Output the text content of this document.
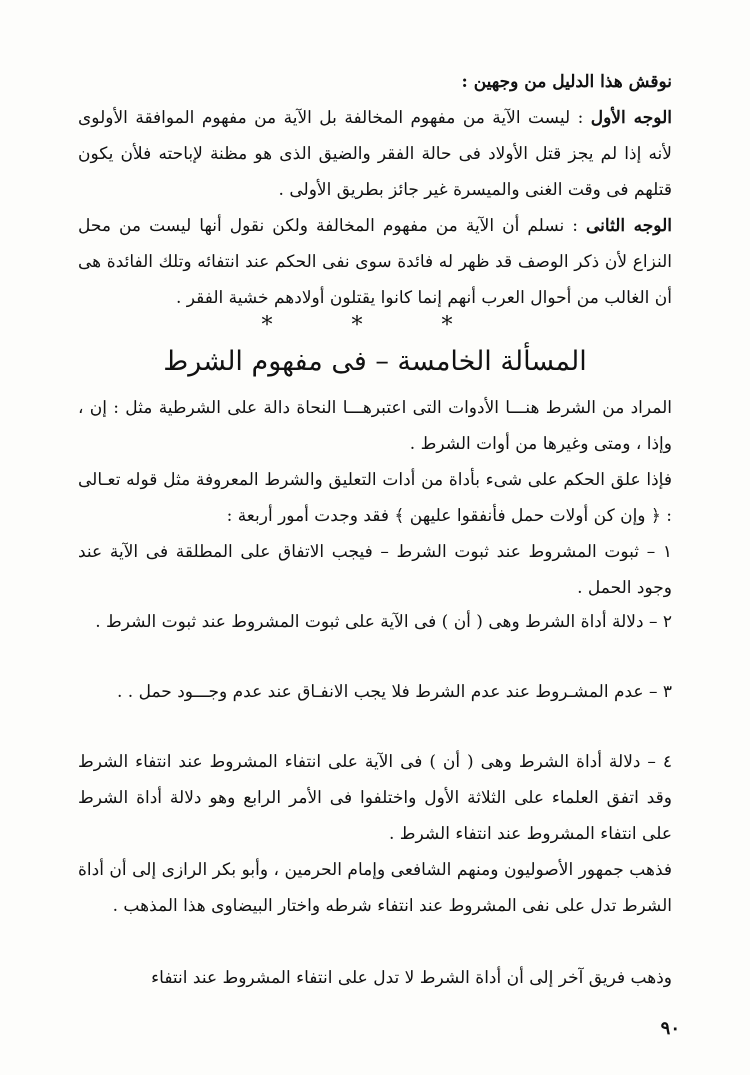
نوقش هذا الدليل من وجهين :
الوجه الأول : ليست الآية من مفهوم المخالفة بل الآية من مفهوم الموافقة الأولوى لأنه إذا لم يجز قتل الأولاد فى حالة الفقر والضيق الذى هو مظنة لإباحته فلأن يكون قتلهم فى وقت الغنى والميسرة غير جائز بطريق الأولى .
الوجه الثانى : نسلم أن الآية من مفهوم المخالفة ولكن نقول أنها ليست من محل النزاع لأن ذكر الوصف قد ظهر له فائدة سوى نفى الحكم عند انتفائه وتلك الفائدة هى أن الغالب من أحوال العرب أنهم إنما كانوا يقتلون أولادهم خشية الفقر .
* * *
المسألة الخامسة – فى مفهوم الشرط
المراد من الشرط هنـــا الأدوات التى اعتبرهـــا النحاة دالة على الشرطية مثل : إن ، وإذا ، ومتى وغيرها من أوات الشرط .
فإذا علق الحكم على شىء بأداة من أدات التعليق والشرط المعروفة مثل قوله تعـالى : ﴿ وإن كن أولات حمل فأنفقوا عليهن ﴾ فقد وجدت أمور أربعة :
١ – ثبوت المشروط عند ثبوت الشرط – فيجب الاتفاق على المطلقة فى الآية عند وجود الحمل .
٢ – دلالة أداة الشرط وهى ( أن ) فى الآية على ثبوت المشروط عند ثبوت الشرط .
٣ – عدم المشـروط عند عدم الشرط فلا يجب الانفـاق عند عدم وجـــود حمل . .
٤ – دلالة أداة الشرط وهى ( أن ) فى الآية على انتفاء المشروط عند انتفاء الشرط وقد اتفق العلماء على الثلاثة الأول واختلفوا فى الأمر الرابع وهو دلالة أداة الشرط على انتفاء المشروط عند انتفاء الشرط .
فذهب جمهور الأصوليون ومنهم الشافعى وإمام الحرمين ، وأبو بكر الرازى إلى أن أداة الشرط تدل على نفى المشروط عند انتفاء شرطه واختار البيضاوى هذا المذهب .
وذهب فريق آخر إلى أن أداة الشرط لا تدل على انتفاء المشروط عند انتفاء
٩٠
